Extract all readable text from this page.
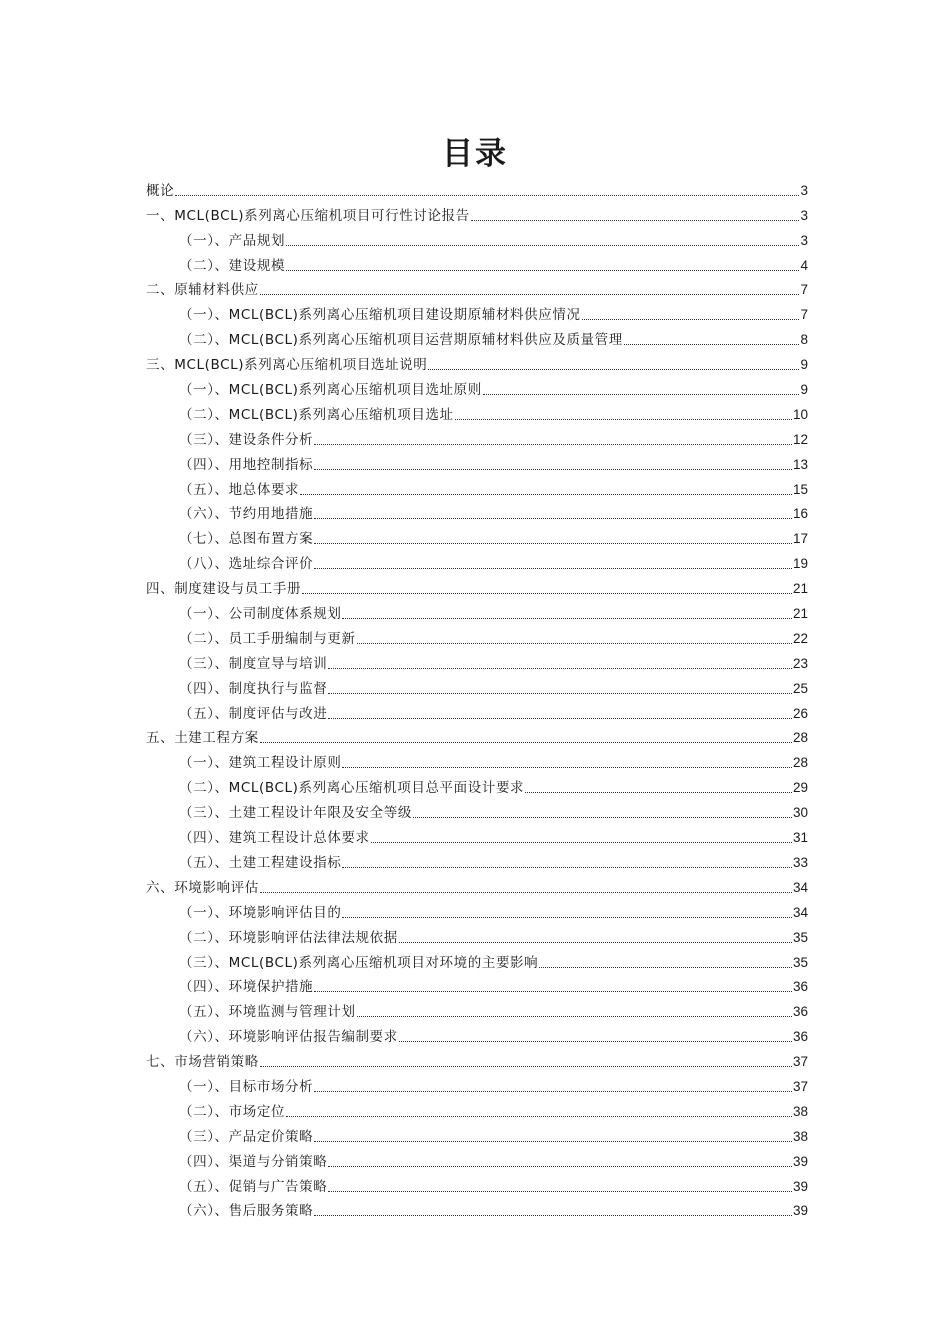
目录
概论	3
一、MCL(BCL)系列离心压缩机项目可行性讨论报告	3
（一）、产品规划	3
（二）、建设规模	4
二、原辅材料供应	7
（一）、MCL(BCL)系列离心压缩机项目建设期原辅材料供应情况	7
（二）、MCL(BCL)系列离心压缩机项目运营期原辅材料供应及质量管理	8
三、MCL(BCL)系列离心压缩机项目选址说明	9
（一）、MCL(BCL)系列离心压缩机项目选址原则	9
（二）、MCL(BCL)系列离心压缩机项目选址	10
（三）、建设条件分析	12
（四）、用地控制指标	13
（五）、地总体要求	15
（六）、节约用地措施	16
（七）、总图布置方案	17
（八）、选址综合评价	19
四、制度建设与员工手册	21
（一）、公司制度体系规划	21
（二）、员工手册编制与更新	22
（三）、制度宣导与培训	23
（四）、制度执行与监督	25
（五）、制度评估与改进	26
五、土建工程方案	28
（一）、建筑工程设计原则	28
（二）、MCL(BCL)系列离心压缩机项目总平面设计要求	29
（三）、土建工程设计年限及安全等级	30
（四）、建筑工程设计总体要求	31
（五）、土建工程建设指标	33
六、环境影响评估	34
（一）、环境影响评估目的	34
（二）、环境影响评估法律法规依据	35
（三）、MCL(BCL)系列离心压缩机项目对环境的主要影响	35
（四）、环境保护措施	36
（五）、环境监测与管理计划	36
（六）、环境影响评估报告编制要求	36
七、市场营销策略	37
（一）、目标市场分析	37
（二）、市场定位	38
（三）、产品定价策略	38
（四）、渠道与分销策略	39
（五）、促销与广告策略	39
（六）、售后服务策略	39
